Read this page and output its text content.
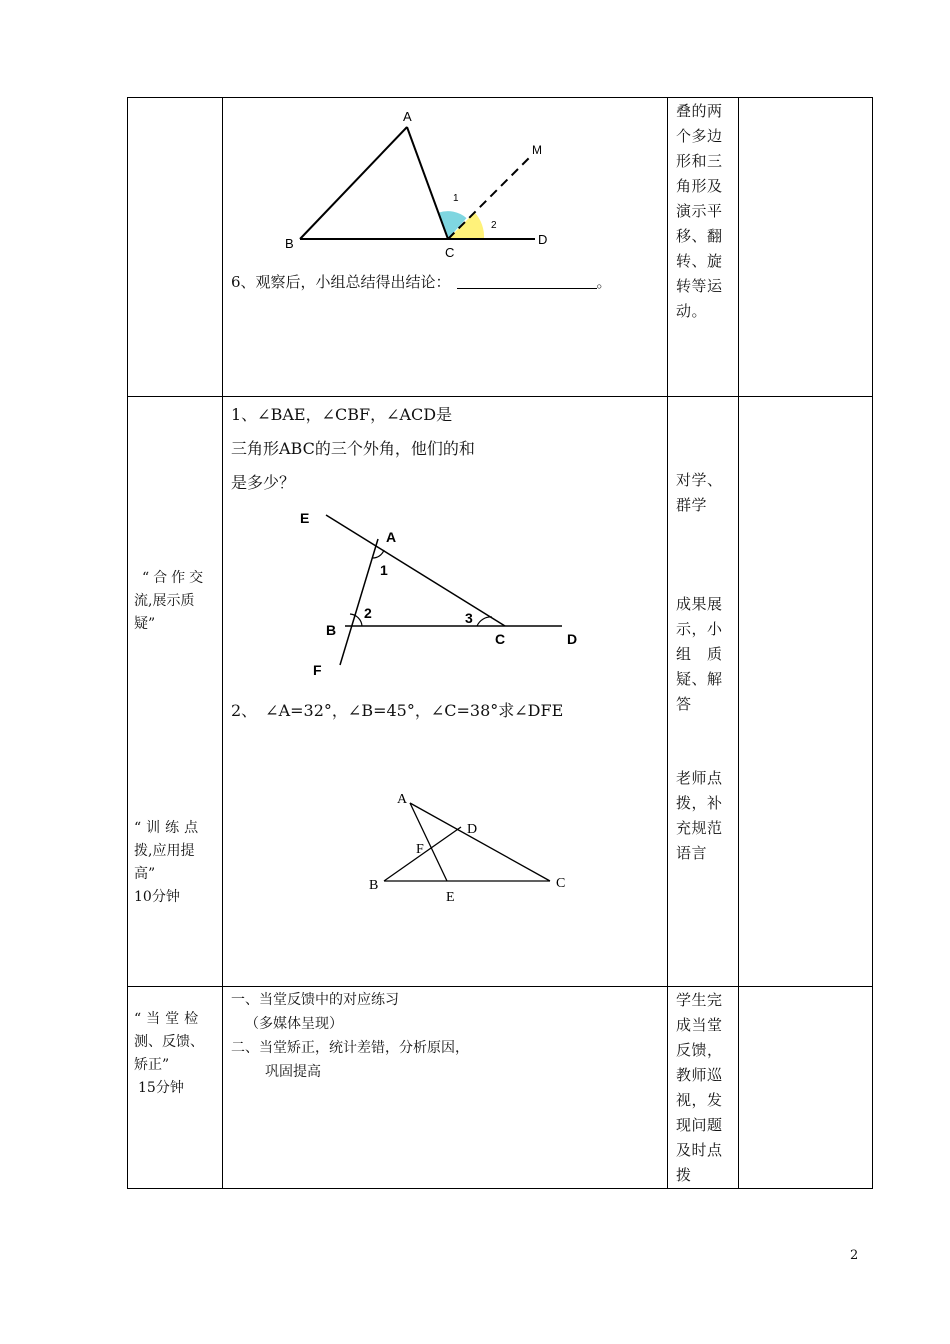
A
B
C
D
M
1
2
6、观察后，小组总结得出结论：	。
叠的两
个多边
形和三
角形及
演示平
移、翻
转、旋
转等运
动。
“合作交
流,展示质
疑”
“训练点
拨,应用提
高”
10分钟
1、∠BAE，∠CBF，∠ACD是
三角形ABC的三个外角，他们的和
是多少？
E
A
1
2
B
3
C	D
F
2、　∠A=32°，∠B=45°，∠C=38°求∠DFE
A
D
F
B
E
C
对学、
群学
成果展
示，小
组　质
疑、解
答
老师点
拨，补
充规范
语言
“当堂检
测、反馈、
矫正”
15分钟
一、当堂反馈中的对应练习
（多媒体呈现）
二、当堂矫正，统计差错，分析原因，
巩固提高
学生完
成当堂
反馈，
教师巡
视，发
现问题
及时点
拨
2
